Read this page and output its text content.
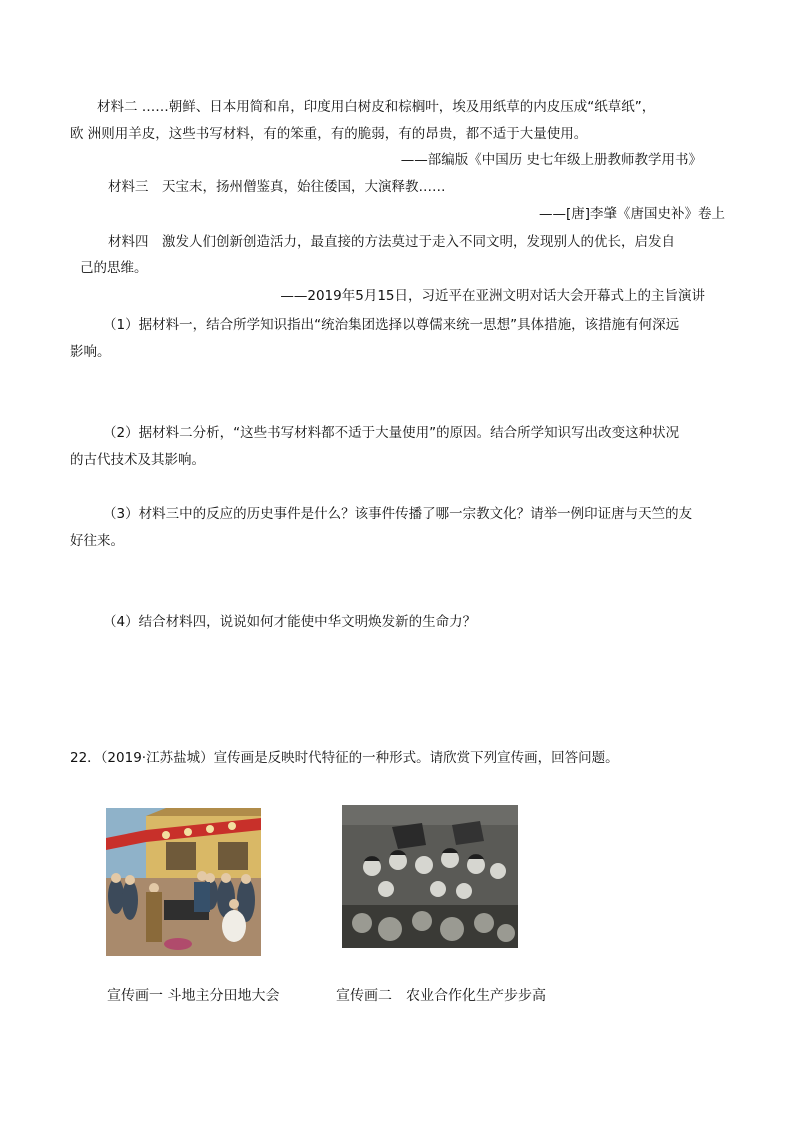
材料二 ……朝鲜、日本用简和帛，印度用白树皮和棕榈叶，埃及用纸草的内皮压成“纸草纸”，
欧 洲则用羊皮，这些书写材料，有的笨重，有的脆弱，有的昂贵，都不适于大量使用。
——部编版《中国历 史七年级上册教师教学用书》
材料三　天宝末，扬州僧鉴真，始往倭国，大演释教……
——[唐]李肇《唐国史补》卷上
材料四　激发人们创新创造活力，最直接的方法莫过于走入不同文明，发现别人的优长，启发自
己的思维。
——2019年5月15日，习近平在亚洲文明对话大会开幕式上的主旨演讲
（1）据材料一，结合所学知识指出“统治集团选择以尊儒来统一思想”具体措施，该措施有何深远
影响。
（2）据材料二分析，“这些书写材料都不适于大量使用”的原因。结合所学知识写出改变这种状况
的古代技术及其影响。
（3）材料三中的反应的历史事件是什么？该事件传播了哪一宗教文化？请举一例印证唐与天竺的友
好往来。
（4）结合材料四，说说如何才能使中华文明焕发新的生命力？
22．（2019·江苏盐城）宣传画是反映时代特征的一种形式。请欣赏下列宣传画，回答问题。
宣传画一 斗地主分田地大会	宣传画二　农业合作化生产步步高
